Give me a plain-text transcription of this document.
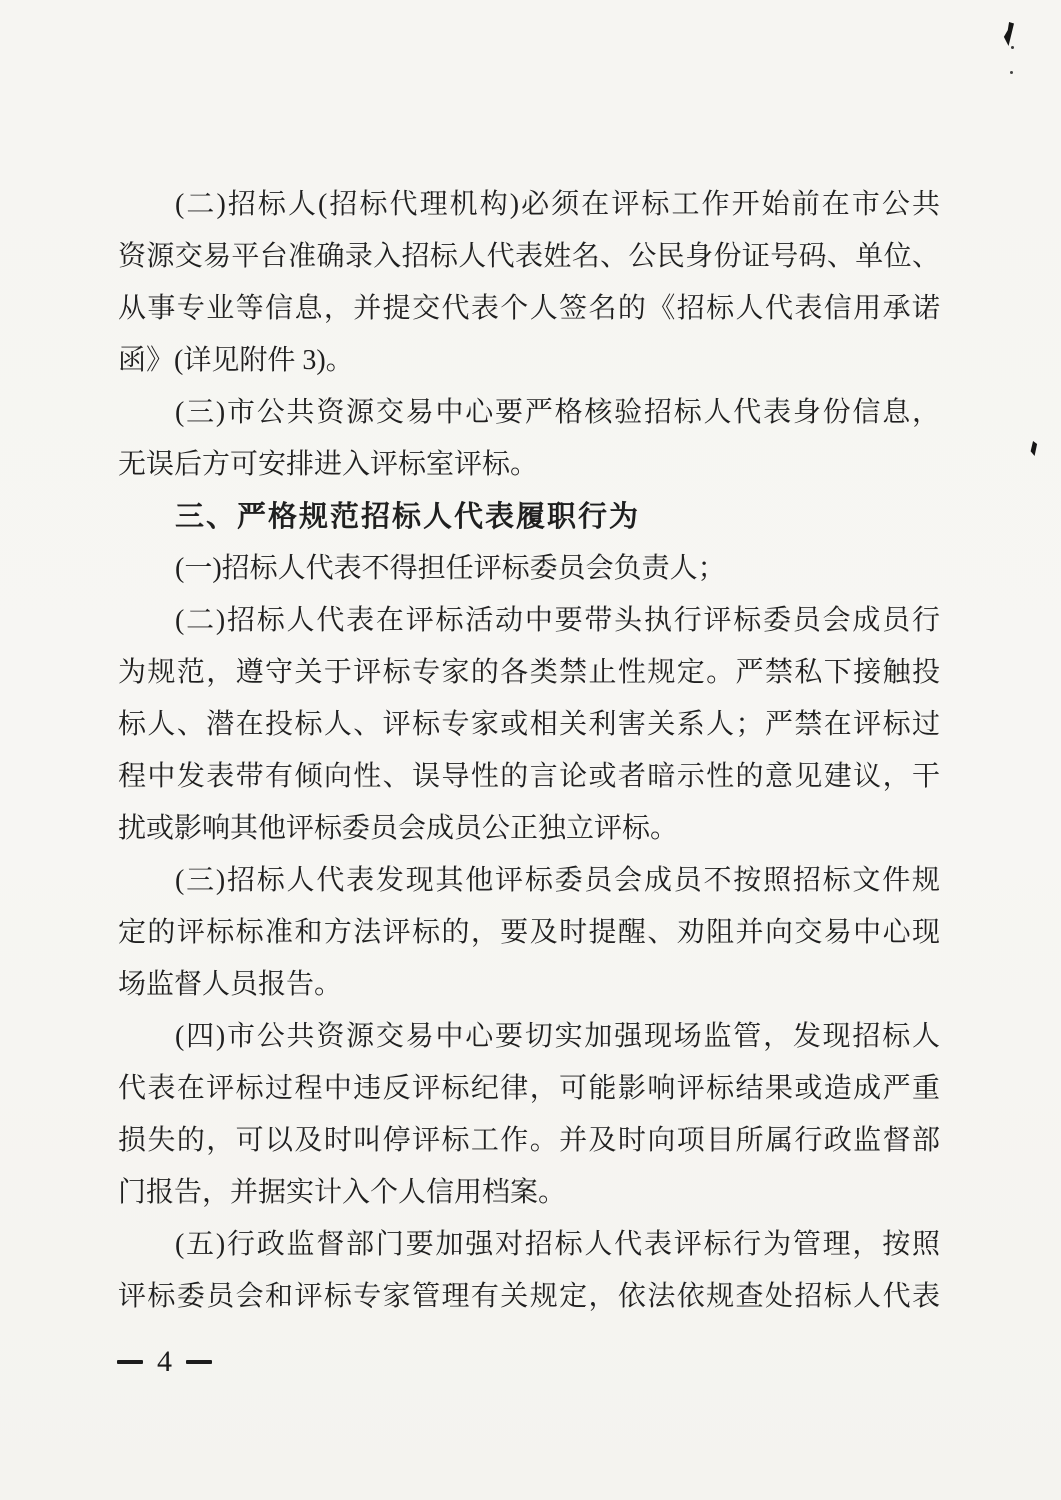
(二)招标人(招标代理机构)必须在评标工作开始前在市公共
资源交易平台准确录入招标人代表姓名、公民身份证号码、单位、
从事专业等信息，并提交代表个人签名的《招标人代表信用承诺
函》(详见附件 3)。
(三)市公共资源交易中心要严格核验招标人代表身份信息，
无误后方可安排进入评标室评标。
三、严格规范招标人代表履职行为
(一)招标人代表不得担任评标委员会负责人；
(二)招标人代表在评标活动中要带头执行评标委员会成员行
为规范，遵守关于评标专家的各类禁止性规定。严禁私下接触投
标人、潜在投标人、评标专家或相关利害关系人；严禁在评标过
程中发表带有倾向性、误导性的言论或者暗示性的意见建议，干
扰或影响其他评标委员会成员公正独立评标。
(三)招标人代表发现其他评标委员会成员不按照招标文件规
定的评标标准和方法评标的，要及时提醒、劝阻并向交易中心现
场监督人员报告。
(四)市公共资源交易中心要切实加强现场监管，发现招标人
代表在评标过程中违反评标纪律，可能影响评标结果或造成严重
损失的，可以及时叫停评标工作。并及时向项目所属行政监督部
门报告，并据实计入个人信用档案。
(五)行政监督部门要加强对招标人代表评标行为管理，按照
评标委员会和评标专家管理有关规定，依法依规查处招标人代表
4
